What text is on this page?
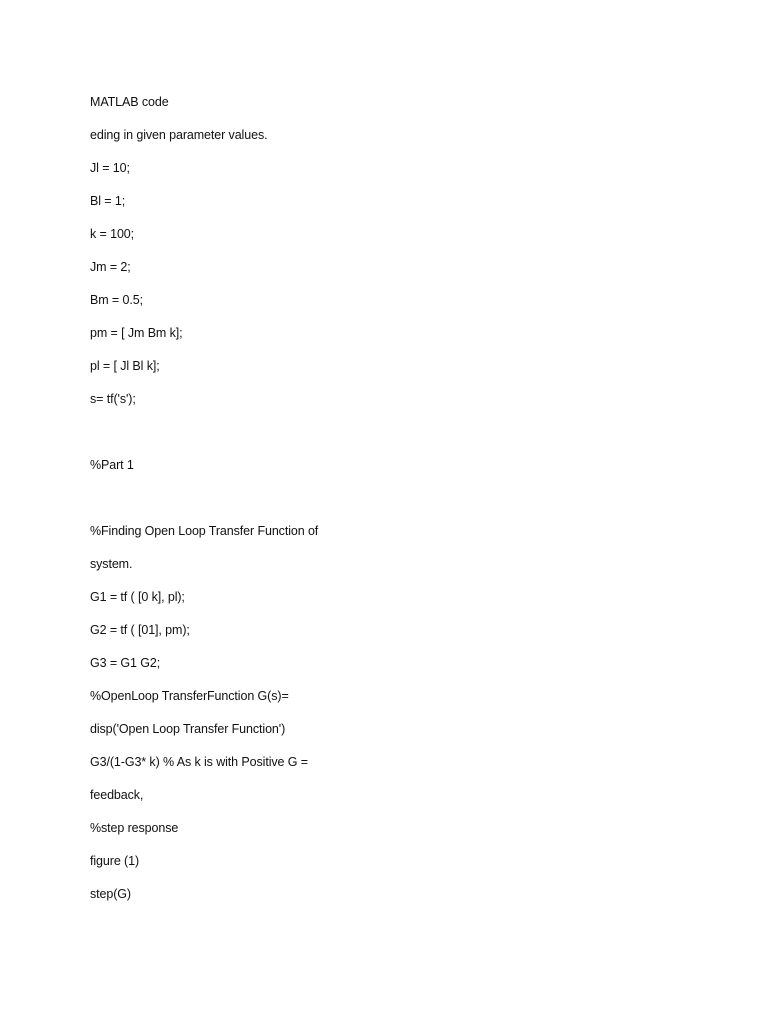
MATLAB code
eding in given parameter values.
Jl = 10;
Bl = 1;
k = 100;
Jm = 2;
Bm = 0.5;
pm = [ Jm Bm k];
pl = [ Jl Bl k];
s= tf('s');
%Part 1
%Finding Open Loop Transfer Function of
system.
G1 = tf ( [0 k], pl);
G2 = tf ( [01], pm);
G3 = G1 G2;
%OpenLoop TransferFunction G(s)=
disp('Open Loop Transfer Function')
G3/(1-G3* k) % As k is with Positive G =
feedback,
%step response
figure (1)
step(G)
